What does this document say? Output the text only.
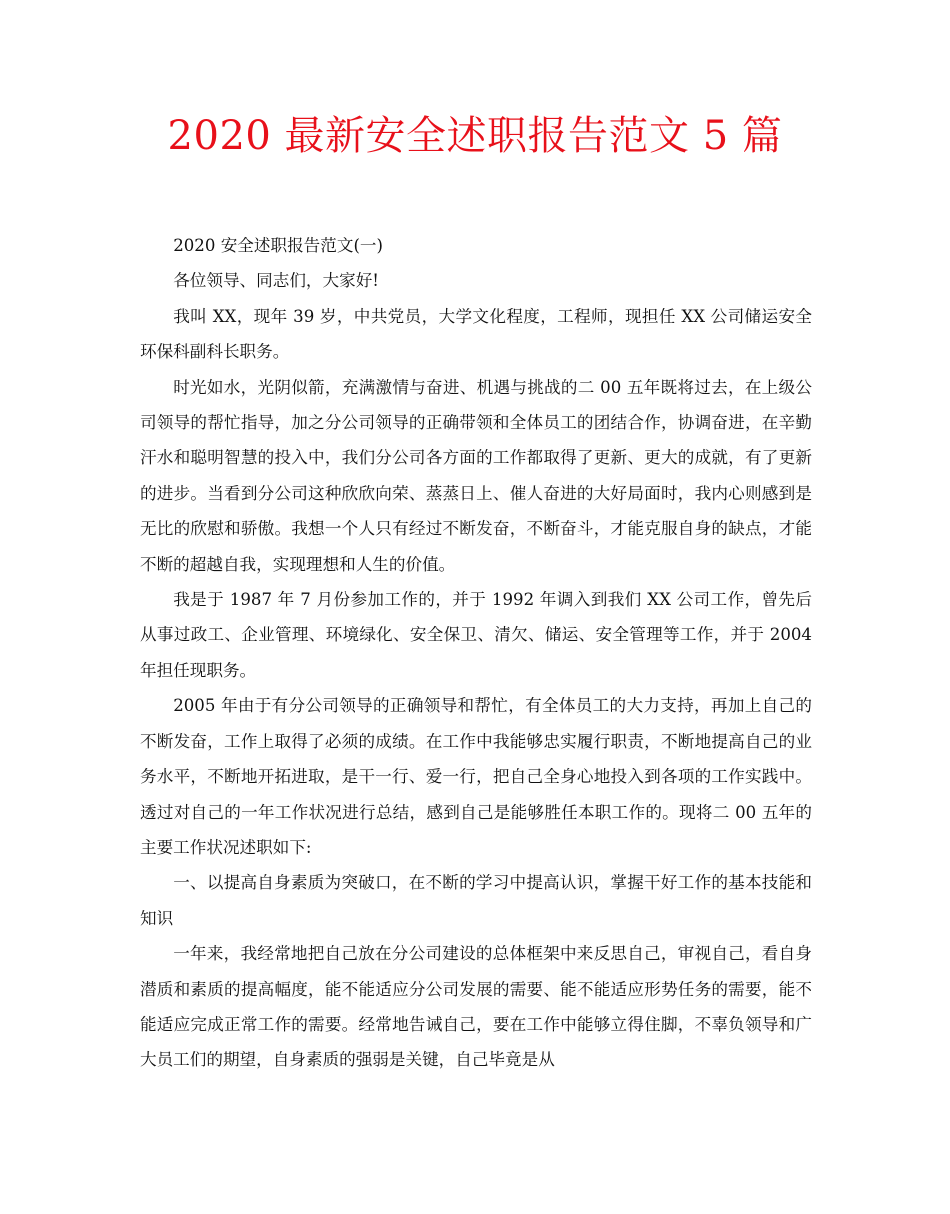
2020 最新安全述职报告范文 5 篇

2020 安全述职报告范文(一)

各位领导、同志们，大家好!

我叫 XX，现年 39 岁，中共党员，大学文化程度，工程师，现担任 XX 公司储运安全环保科副科长职务。

时光如水，光阴似箭，充满激情与奋进、机遇与挑战的二 00 五年既将过去，在上级公司领导的帮忙指导，加之分公司领导的正确带领和全体员工的团结合作，协调奋进，在辛勤汗水和聪明智慧的投入中，我们分公司各方面的工作都取得了更新、更大的成就，有了更新的进步。当看到分公司这种欣欣向荣、蒸蒸日上、催人奋进的大好局面时，我内心则感到是无比的欣慰和骄傲。我想一个人只有经过不断发奋，不断奋斗，才能克服自身的缺点，才能不断的超越自我，实现理想和人生的价值。

我是于 1987 年 7 月份参加工作的，并于 1992 年调入到我们 XX 公司工作，曾先后从事过政工、企业管理、环境绿化、安全保卫、清欠、储运、安全管理等工作，并于 2004 年担任现职务。

2005 年由于有分公司领导的正确领导和帮忙，有全体员工的大力支持，再加上自己的不断发奋，工作上取得了必须的成绩。在工作中我能够忠实履行职责，不断地提高自己的业务水平，不断地开拓进取，是干一行、爱一行，把自己全身心地投入到各项的工作实践中。透过对自己的一年工作状况进行总结，感到自己是能够胜任本职工作的。现将二 00 五年的主要工作状况述职如下:

一、以提高自身素质为突破口，在不断的学习中提高认识，掌握干好工作的基本技能和知识

一年来，我经常地把自己放在分公司建设的总体框架中来反思自己，审视自己，看自身潜质和素质的提高幅度，能不能适应分公司发展的需要、能不能适应形势任务的需要，能不能适应完成正常工作的需要。经常地告诫自己，要在工作中能够立得住脚，不辜负领导和广大员工们的期望，自身素质的强弱是关键，自己毕竟是从
